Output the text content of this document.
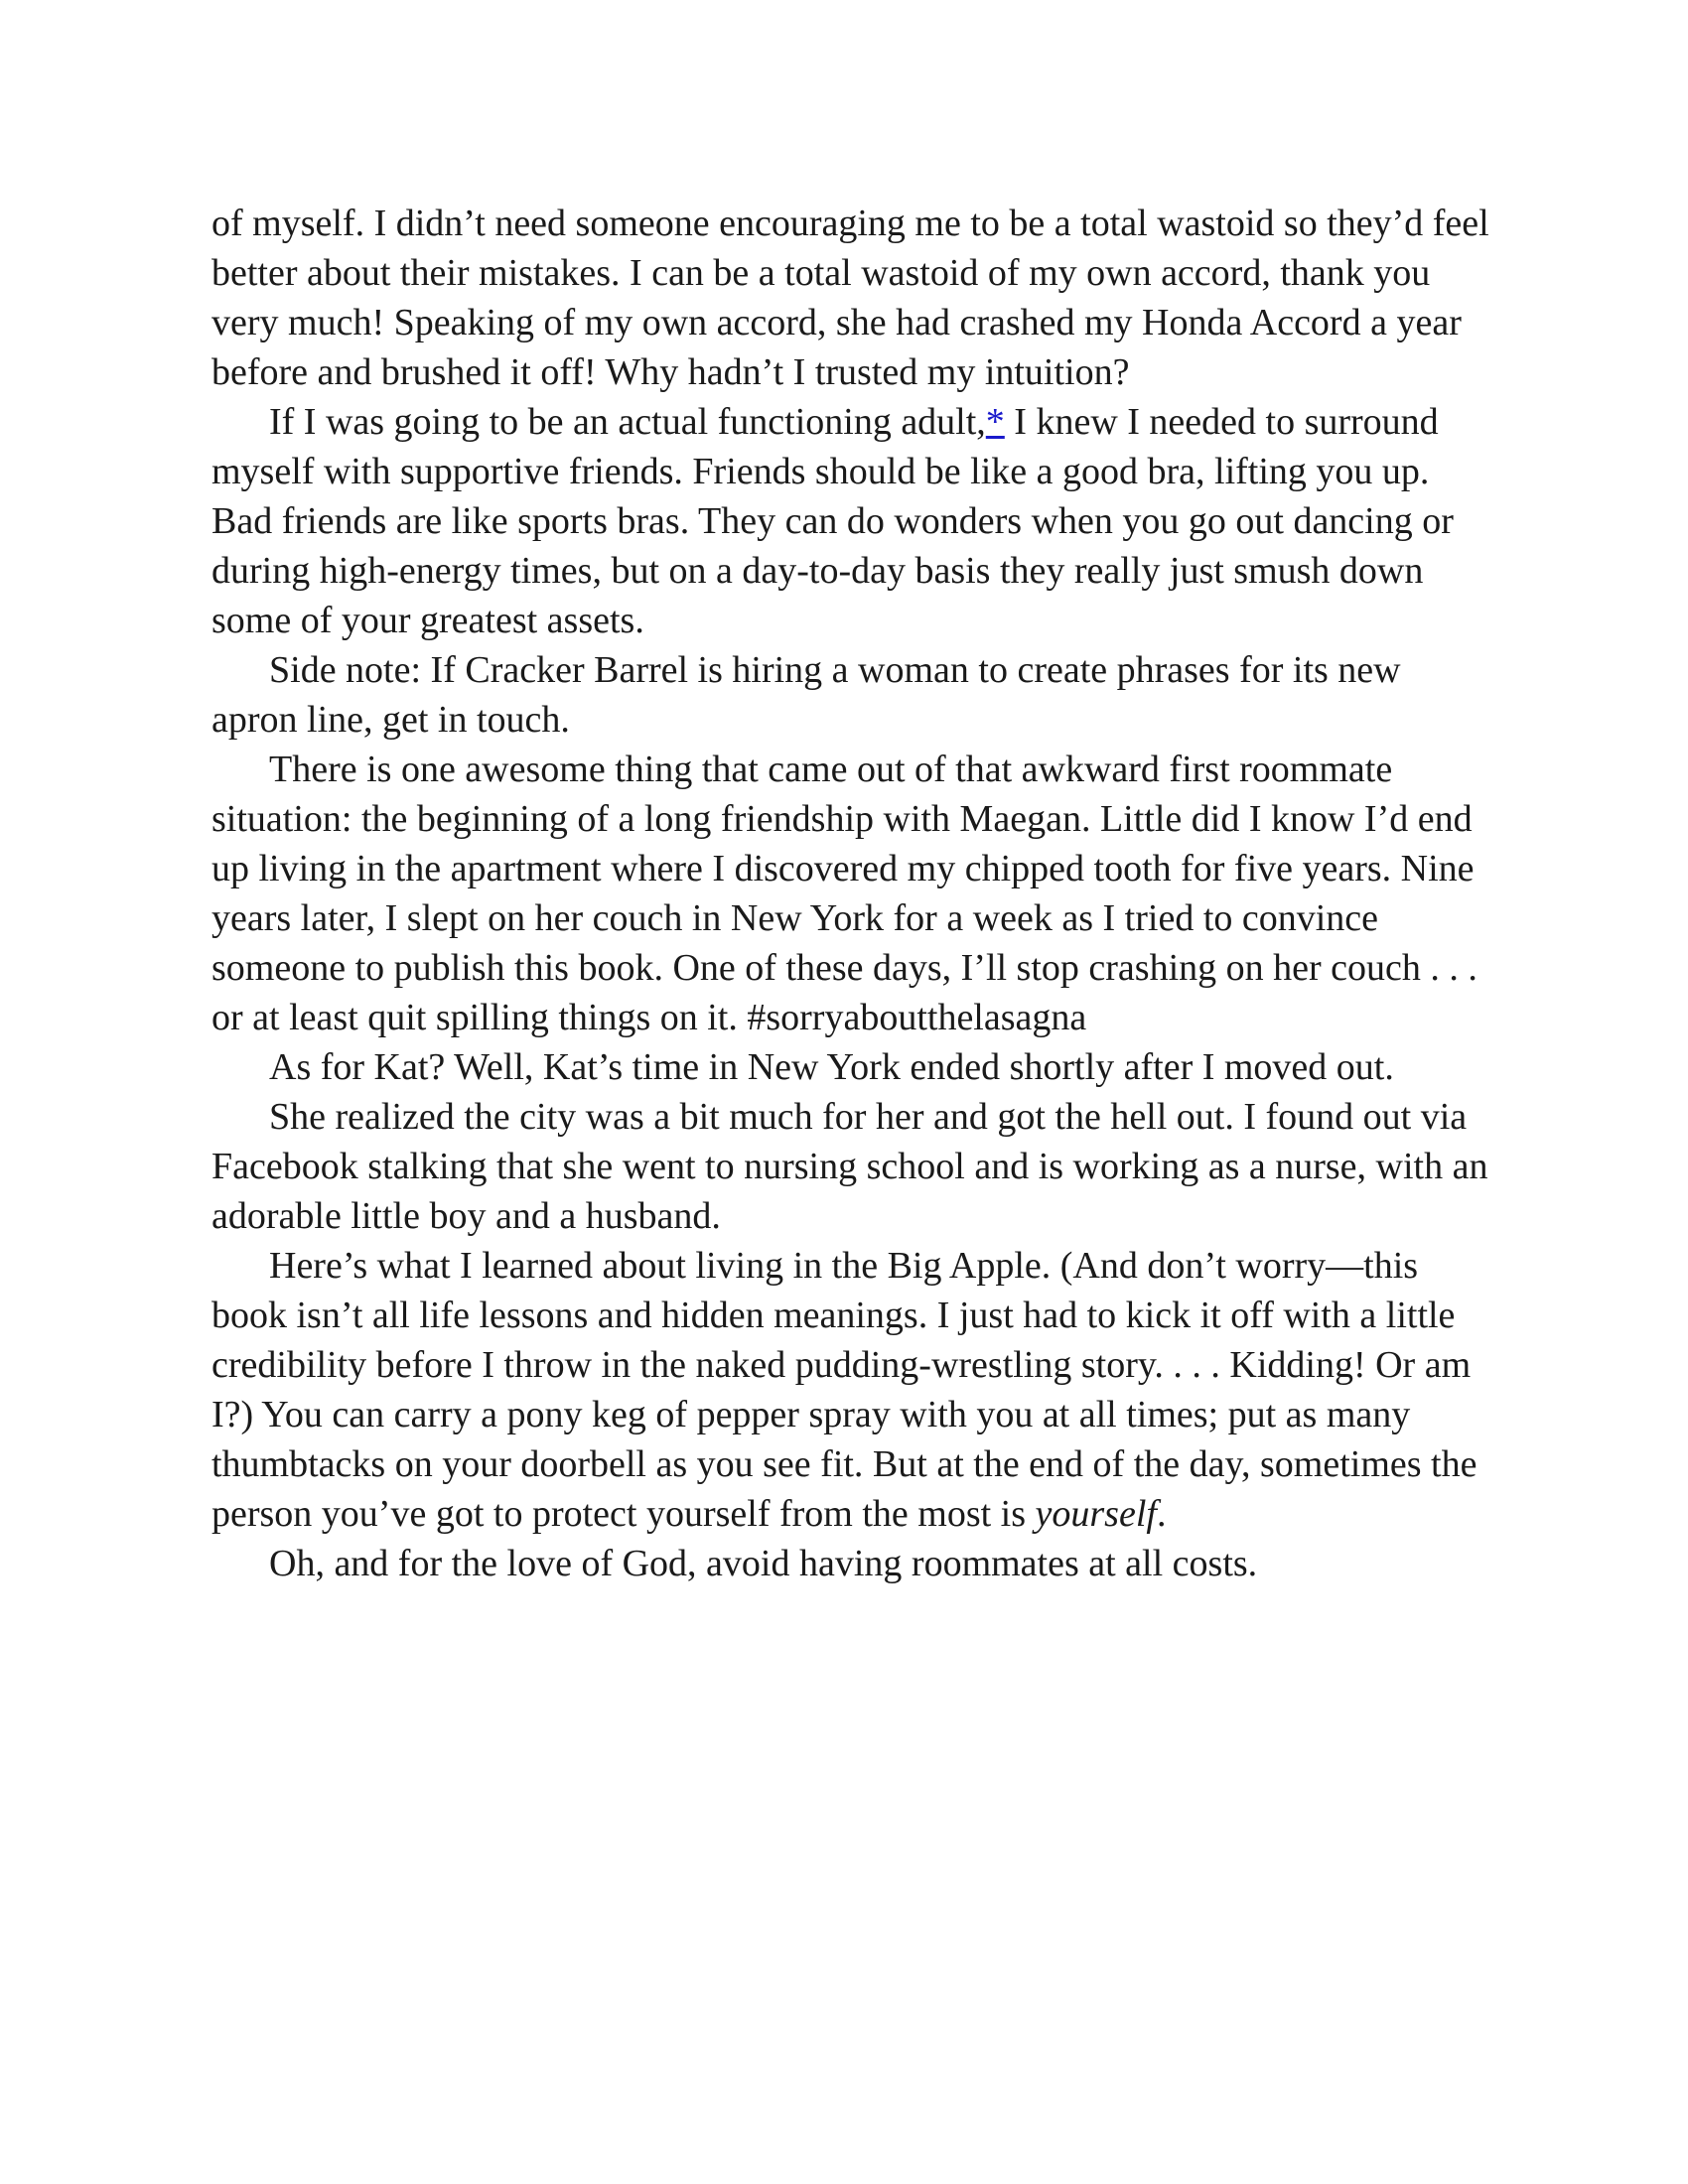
of myself. I didn’t need someone encouraging me to be a total wastoid so they’d feel better about their mistakes. I can be a total wastoid of my own accord, thank you very much! Speaking of my own accord, she had crashed my Honda Accord a year before and brushed it off! Why hadn’t I trusted my intuition?

If I was going to be an actual functioning adult,* I knew I needed to surround myself with supportive friends. Friends should be like a good bra, lifting you up. Bad friends are like sports bras. They can do wonders when you go out dancing or during high-energy times, but on a day-to-day basis they really just smush down some of your greatest assets.

Side note: If Cracker Barrel is hiring a woman to create phrases for its new apron line, get in touch.

There is one awesome thing that came out of that awkward first roommate situation: the beginning of a long friendship with Maegan. Little did I know I’d end up living in the apartment where I discovered my chipped tooth for five years. Nine years later, I slept on her couch in New York for a week as I tried to convince someone to publish this book. One of these days, I’ll stop crashing on her couch . . . or at least quit spilling things on it. #sorryaboutthelasagna

As for Kat? Well, Kat’s time in New York ended shortly after I moved out.

She realized the city was a bit much for her and got the hell out. I found out via Facebook stalking that she went to nursing school and is working as a nurse, with an adorable little boy and a husband.

Here’s what I learned about living in the Big Apple. (And don’t worry—this book isn’t all life lessons and hidden meanings. I just had to kick it off with a little credibility before I throw in the naked pudding-wrestling story. . . . Kidding! Or am I?) You can carry a pony keg of pepper spray with you at all times; put as many thumbtacks on your doorbell as you see fit. But at the end of the day, sometimes the person you’ve got to protect yourself from the most is yourself.

Oh, and for the love of God, avoid having roommates at all costs.
